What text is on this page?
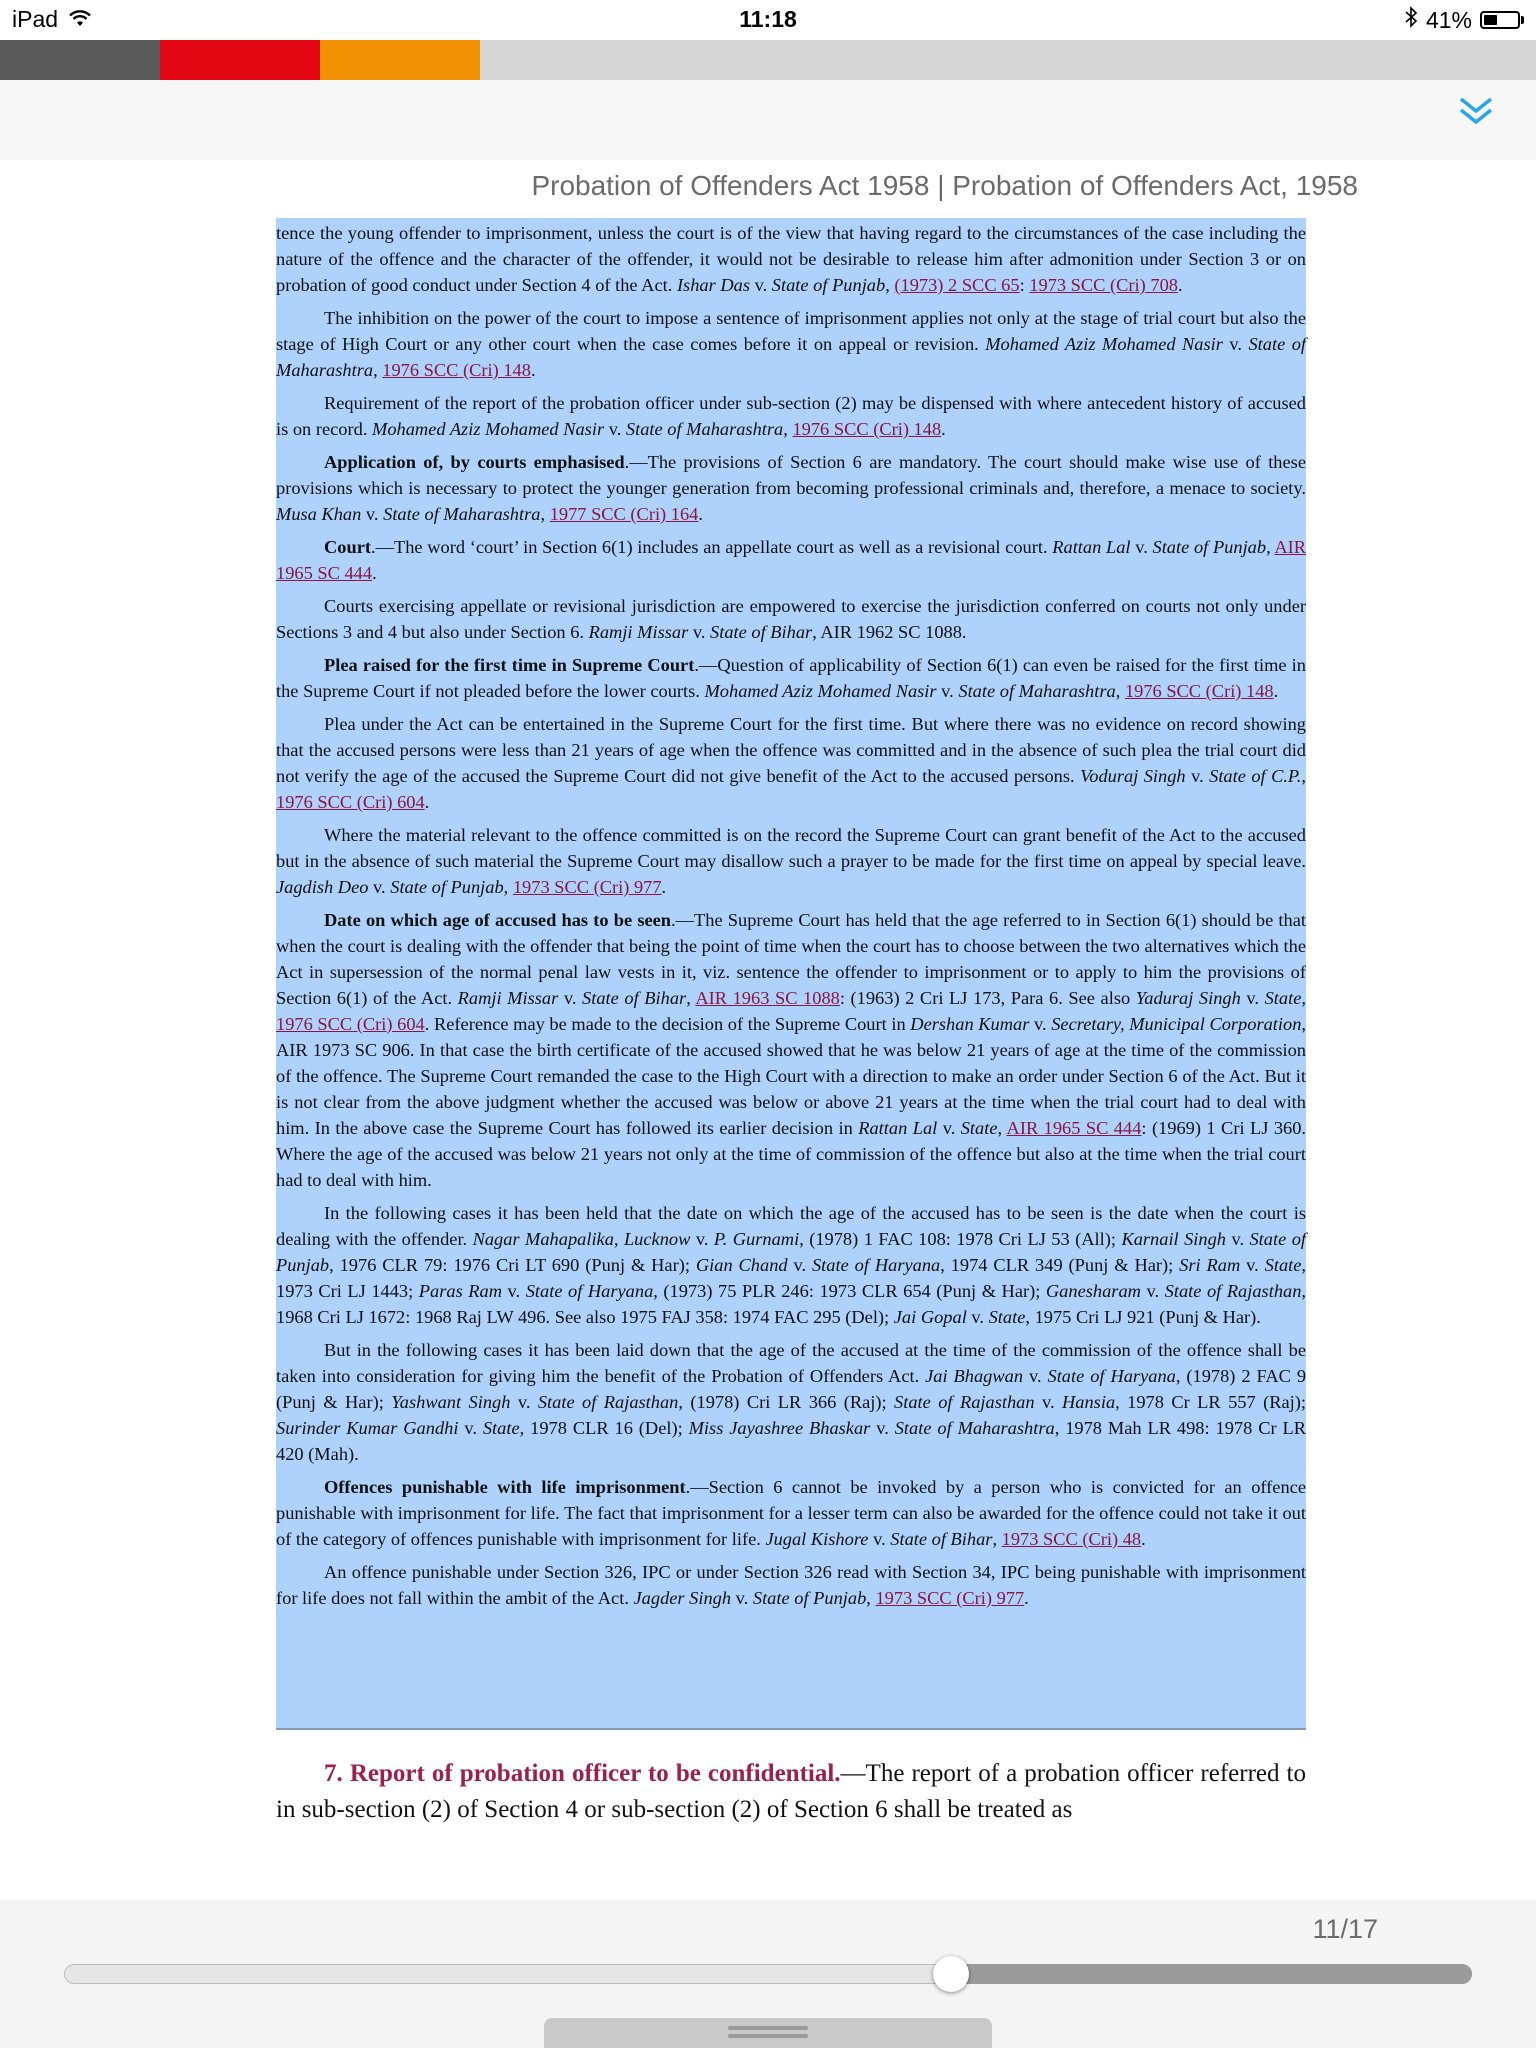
iPad	11:18	41%
Probation of Offenders Act 1958 | Probation of Offenders Act, 1958

tence the young offender to imprisonment, unless the court is of the view that having regard to the circumstances of the case including the nature of the offence and the character of the offender, it would not be desirable to release him after admonition under Section 3 or on probation of good conduct under Section 4 of the Act. Ishar Das v. State of Punjab, (1973) 2 SCC 65: 1973 SCC (Cri) 708.

The inhibition on the power of the court to impose a sentence of imprisonment applies not only at the stage of trial court but also the stage of High Court or any other court when the case comes before it on appeal or revision. Mohamed Aziz Mohamed Nasir v. State of Maharashtra, 1976 SCC (Cri) 148.

Requirement of the report of the probation officer under sub-section (2) may be dispensed with where antecedent history of accused is on record. Mohamed Aziz Mohamed Nasir v. State of Maharashtra, 1976 SCC (Cri) 148.

Application of, by courts emphasised.—The provisions of Section 6 are mandatory. The court should make wise use of these provisions which is necessary to protect the younger generation from becoming professional criminals and, therefore, a menace to society. Musa Khan v. State of Maharashtra, 1977 SCC (Cri) 164.

Court.—The word ‘court’ in Section 6(1) includes an appellate court as well as a revisional court. Rattan Lal v. State of Punjab, AIR 1965 SC 444.

Courts exercising appellate or revisional jurisdiction are empowered to exercise the jurisdiction conferred on courts not only under Sections 3 and 4 but also under Section 6. Ramji Missar v. State of Bihar, AIR 1962 SC 1088.

Plea raised for the first time in Supreme Court.—Question of applicability of Section 6(1) can even be raised for the first time in the Supreme Court if not pleaded before the lower courts. Mohamed Aziz Mohamed Nasir v. State of Maharashtra, 1976 SCC (Cri) 148.

Plea under the Act can be entertained in the Supreme Court for the first time. But where there was no evidence on record showing that the accused persons were less than 21 years of age when the offence was committed and in the absence of such plea the trial court did not verify the age of the accused the Supreme Court did not give benefit of the Act to the accused persons. Voduraj Singh v. State of C.P., 1976 SCC (Cri) 604.

Where the material relevant to the offence committed is on the record the Supreme Court can grant benefit of the Act to the accused but in the absence of such material the Supreme Court may disallow such a prayer to be made for the first time on appeal by special leave. Jagdish Deo v. State of Punjab, 1973 SCC (Cri) 977.

Date on which age of accused has to be seen.—The Supreme Court has held that the age referred to in Section 6(1) should be that when the court is dealing with the offender that being the point of time when the court has to choose between the two alternatives which the Act in supersession of the normal penal law vests in it, viz. sentence the offender to imprisonment or to apply to him the provisions of Section 6(1) of the Act. Ramji Missar v. State of Bihar, AIR 1963 SC 1088: (1963) 2 Cri LJ 173, Para 6. See also Yaduraj Singh v. State, 1976 SCC (Cri) 604. Reference may be made to the decision of the Supreme Court in Dershan Kumar v. Secretary, Municipal Corporation, AIR 1973 SC 906. In that case the birth certificate of the accused showed that he was below 21 years of age at the time of the commission of the offence. The Supreme Court remanded the case to the High Court with a direction to make an order under Section 6 of the Act. But it is not clear from the above judgment whether the accused was below or above 21 years at the time when the trial court had to deal with him. In the above case the Supreme Court has followed its earlier decision in Rattan Lal v. State, AIR 1965 SC 444: (1969) 1 Cri LJ 360. Where the age of the accused was below 21 years not only at the time of commission of the offence but also at the time when the trial court had to deal with him.

In the following cases it has been held that the date on which the age of the accused has to be seen is the date when the court is dealing with the offender. Nagar Mahapalika, Lucknow v. P. Gurnami, (1978) 1 FAC 108: 1978 Cri LJ 53 (All); Karnail Singh v. State of Punjab, 1976 CLR 79: 1976 Cri LT 690 (Punj & Har); Gian Chand v. State of Haryana, 1974 CLR 349 (Punj & Har); Sri Ram v. State, 1973 Cri LJ 1443; Paras Ram v. State of Haryana, (1973) 75 PLR 246: 1973 CLR 654 (Punj & Har); Ganesharam v. State of Rajasthan, 1968 Cri LJ 1672: 1968 Raj LW 496. See also 1975 FAJ 358: 1974 FAC 295 (Del); Jai Gopal v. State, 1975 Cri LJ 921 (Punj & Har).

But in the following cases it has been laid down that the age of the accused at the time of the commission of the offence shall be taken into consideration for giving him the benefit of the Probation of Offenders Act. Jai Bhagwan v. State of Haryana, (1978) 2 FAC 9 (Punj & Har); Yashwant Singh v. State of Rajasthan, (1978) Cri LR 366 (Raj); State of Rajasthan v. Hansia, 1978 Cr LR 557 (Raj); Surinder Kumar Gandhi v. State, 1978 CLR 16 (Del); Miss Jayashree Bhaskar v. State of Maharashtra, 1978 Mah LR 498: 1978 Cr LR 420 (Mah).

Offences punishable with life imprisonment.—Section 6 cannot be invoked by a person who is convicted for an offence punishable with imprisonment for life. The fact that imprisonment for a lesser term can also be awarded for the offence could not take it out of the category of offences punishable with imprisonment for life. Jugal Kishore v. State of Bihar, 1973 SCC (Cri) 48.

An offence punishable under Section 326, IPC or under Section 326 read with Section 34, IPC being punishable with imprisonment for life does not fall within the ambit of the Act. Jagder Singh v. State of Punjab, 1973 SCC (Cri) 977.

7. Report of probation officer to be confidential.—The report of a probation officer referred to in sub-section (2) of Section 4 or sub-section (2) of Section 6 shall be treated as
11/17
